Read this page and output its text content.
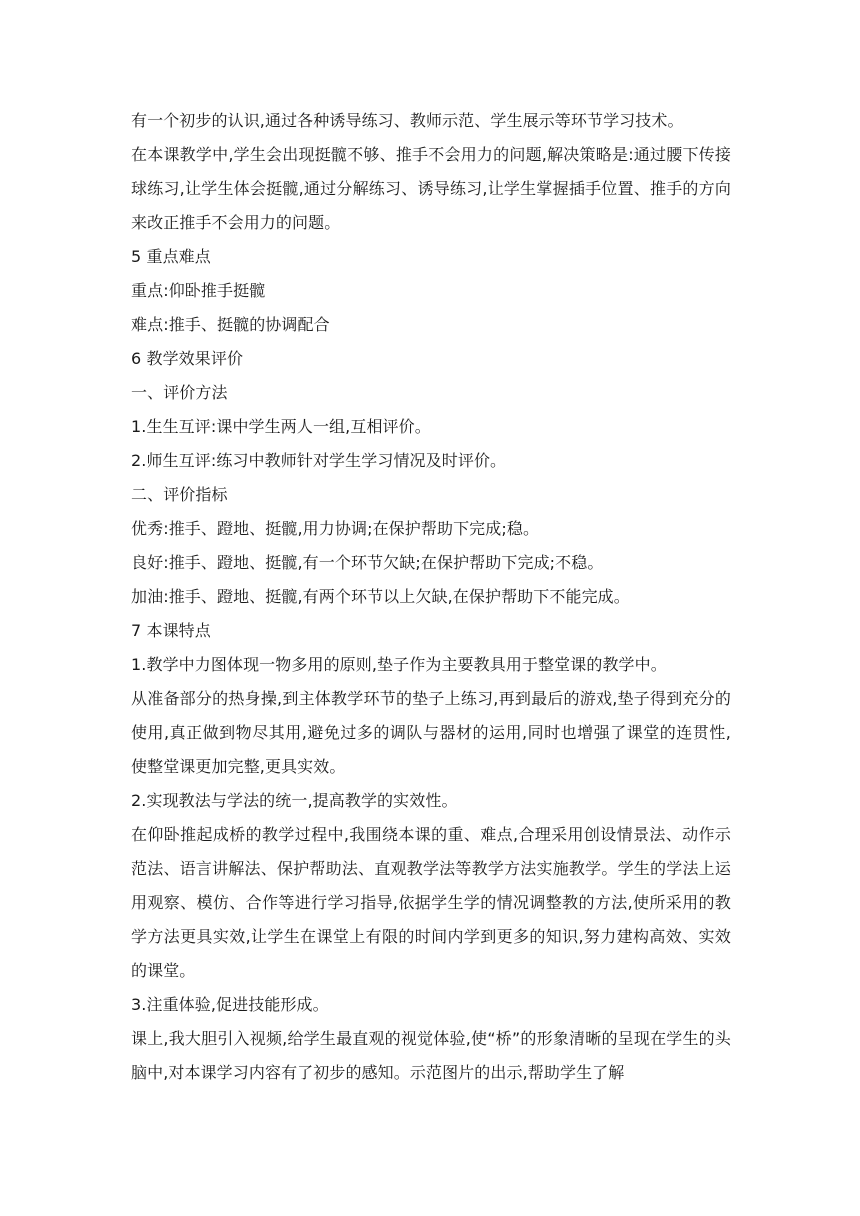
有一个初步的认识,通过各种诱导练习、教师示范、学生展示等环节学习技术。

在本课教学中,学生会出现挺髋不够、推手不会用力的问题,解决策略是:通过腰下传接球练习,让学生体会挺髋,通过分解练习、诱导练习,让学生掌握插手位置、推手的方向来改正推手不会用力的问题。

5 重点难点

重点:仰卧推手挺髋

难点:推手、挺髋的协调配合

6 教学效果评价

一、评价方法

1.生生互评:课中学生两人一组,互相评价。

2.师生互评:练习中教师针对学生学习情况及时评价。

二、评价指标

优秀:推手、蹬地、挺髋,用力协调;在保护帮助下完成;稳。

良好:推手、蹬地、挺髋,有一个环节欠缺;在保护帮助下完成;不稳。

加油:推手、蹬地、挺髋,有两个环节以上欠缺,在保护帮助下不能完成。

7 本课特点

1.教学中力图体现一物多用的原则,垫子作为主要教具用于整堂课的教学中。

从准备部分的热身操,到主体教学环节的垫子上练习,再到最后的游戏,垫子得到充分的使用,真正做到物尽其用,避免过多的调队与器材的运用,同时也增强了课堂的连贯性,使整堂课更加完整,更具实效。

2.实现教法与学法的统一,提高教学的实效性。

在仰卧推起成桥的教学过程中,我围绕本课的重、难点,合理采用创设情景法、动作示范法、语言讲解法、保护帮助法、直观教学法等教学方法实施教学。学生的学法上运用观察、模仿、合作等进行学习指导,依据学生学的情况调整教的方法,使所采用的教学方法更具实效,让学生在课堂上有限的时间内学到更多的知识,努力建构高效、实效的课堂。

3.注重体验,促进技能形成。

课上,我大胆引入视频,给学生最直观的视觉体验,使“桥”的形象清晰的呈现在学生的头脑中,对本课学习内容有了初步的感知。示范图片的出示,帮助学生了解
